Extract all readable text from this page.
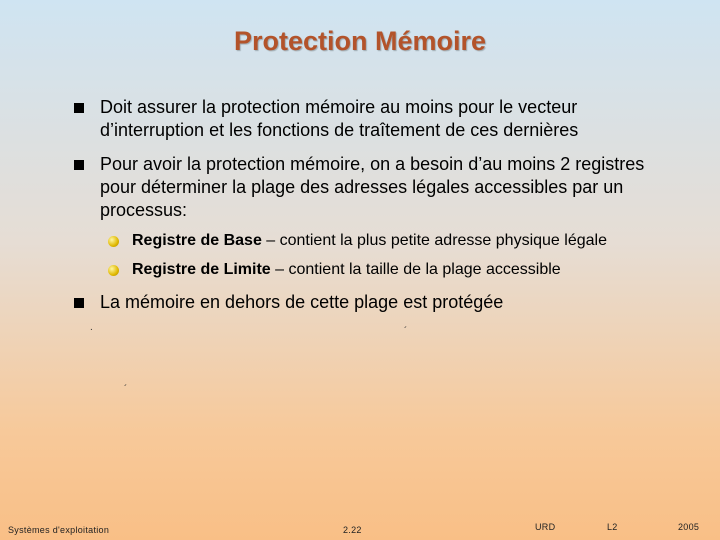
Protection Mémoire
Doit assurer la protection mémoire au moins pour le vecteur d’interruption et les fonctions de traîtement de ces dernières
Pour avoir la protection mémoire, on a besoin d’au moins 2 registres pour déterminer la plage des adresses légales accessibles par un processus:
Registre de Base – contient la plus petite adresse physique légale
Registre de Limite – contient la taille de la plage accessible
La mémoire en dehors de cette plage est protégée
.	´
´
Systèmes d'exploitation	2.22	URD	L2	2005
